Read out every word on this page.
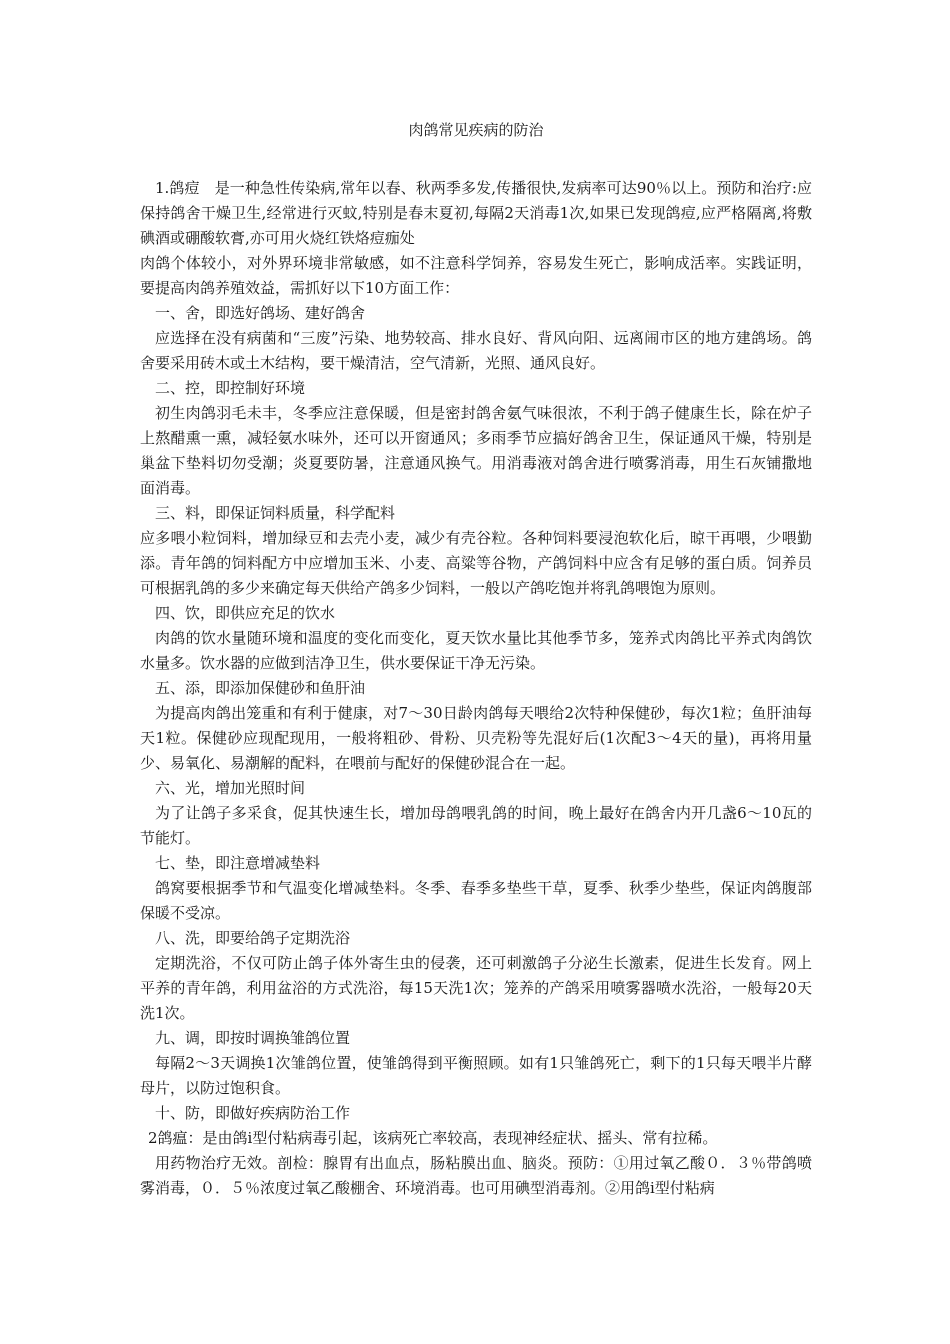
肉鸽常见疾病的防治

1.鸽痘　是一种急性传染病,常年以春、秋两季多发,传播很快,发病率可达90％以上。预防和治疗:应保持鸽舍干燥卫生,经常进行灭蚊,特别是春末夏初,每隔2天消毒1次,如果已发现鸽痘,应严格隔离,将敷碘酒或硼酸软膏,亦可用火烧红铁烙痘痂处

肉鸽个体较小，对外界环境非常敏感，如不注意科学饲养，容易发生死亡，影响成活率。实践证明，要提高肉鸽养殖效益，需抓好以下10方面工作：

一、舍，即选好鸽场、建好鸽舍

应选择在没有病菌和“三废”污染、地势较高、排水良好、背风向阳、远离闹市区的地方建鸽场。鸽舍要采用砖木或土木结构，要干燥清洁，空气清新，光照、通风良好。

二、控，即控制好环境

初生肉鸽羽毛未丰，冬季应注意保暖，但是密封鸽舍氨气味很浓，不利于鸽子健康生长，除在炉子上熬醋熏一熏，减轻氨水味外，还可以开窗通风；多雨季节应搞好鸽舍卫生，保证通风干燥，特别是巢盆下垫料切勿受潮；炎夏要防暑，注意通风换气。用消毒液对鸽舍进行喷雾消毒，用生石灰铺撒地面消毒。

三、料，即保证饲料质量，科学配料

应多喂小粒饲料，增加绿豆和去壳小麦，减少有壳谷粒。各种饲料要浸泡软化后，晾干再喂，少喂勤添。青年鸽的饲料配方中应增加玉米、小麦、高粱等谷物，产鸽饲料中应含有足够的蛋白质。饲养员可根据乳鸽的多少来确定每天供给产鸽多少饲料，一般以产鸽吃饱并将乳鸽喂饱为原则。

四、饮，即供应充足的饮水

肉鸽的饮水量随环境和温度的变化而变化，夏天饮水量比其他季节多，笼养式肉鸽比平养式肉鸽饮水量多。饮水器的应做到洁净卫生，供水要保证干净无污染。

五、添，即添加保健砂和鱼肝油

为提高肉鸽出笼重和有利于健康，对7～30日龄肉鸽每天喂给2次特种保健砂，每次1粒；鱼肝油每天1粒。保健砂应现配现用，一般将粗砂、骨粉、贝壳粉等先混好后(1次配3～4天的量)，再将用量少、易氧化、易潮解的配料，在喂前与配好的保健砂混合在一起。

六、光，增加光照时间

为了让鸽子多采食，促其快速生长，增加母鸽喂乳鸽的时间，晚上最好在鸽舍内开几盏6～10瓦的节能灯。

七、垫，即注意增减垫料

鸽窝要根据季节和气温变化增减垫料。冬季、春季多垫些干草，夏季、秋季少垫些，保证肉鸽腹部保暖不受凉。

八、洗，即要给鸽子定期洗浴

定期洗浴，不仅可防止鸽子体外寄生虫的侵袭，还可刺激鸽子分泌生长激素，促进生长发育。网上平养的青年鸽，利用盆浴的方式洗浴，每15天洗1次；笼养的产鸽采用喷雾器喷水洗浴，一般每20天洗1次。

九、调，即按时调换雏鸽位置

每隔2～3天调换1次雏鸽位置，使雏鸽得到平衡照顾。如有1只雏鸽死亡，剩下的1只每天喂半片酵母片，以防过饱积食。

十、防，即做好疾病防治工作

2鸽瘟：是由鸽ⅰ型付粘病毒引起，该病死亡率较高，表现神经症状、摇头、常有拉稀。

用药物治疗无效。剖检：腺胃有出血点，肠粘膜出血、脑炎。预防：①用过氧乙酸０．３％带鸽喷雾消毒，０．５％浓度过氧乙酸棚舍、环境消毒。也可用碘型消毒剂。②用鸽ⅰ型付粘病
